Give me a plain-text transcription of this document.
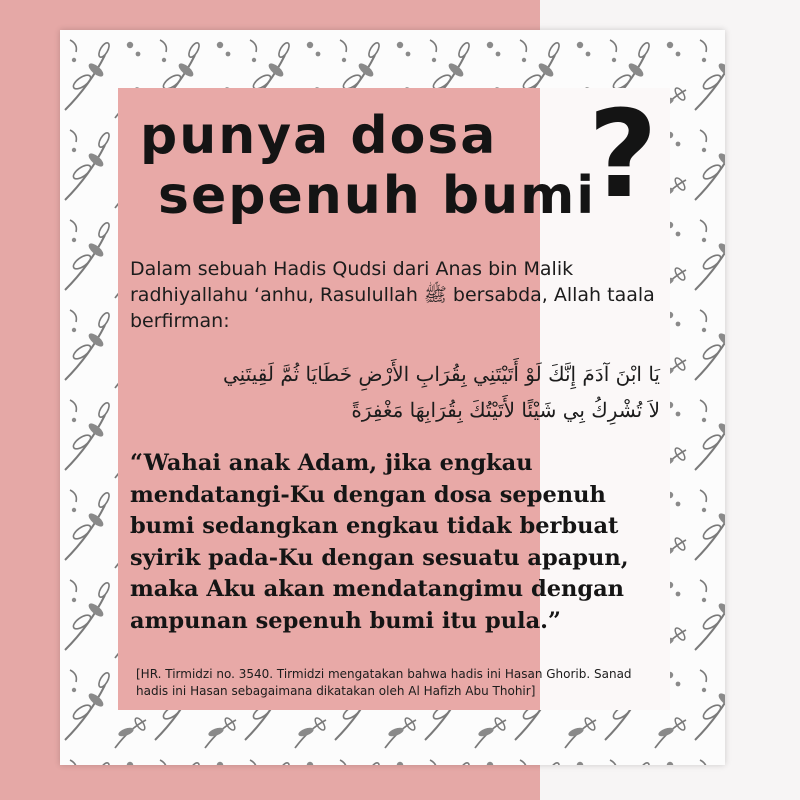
punya dosa
sepenuh bumi
?
Dalam sebuah Hadis Qudsi dari Anas bin Malik radhiyallahu ‘anhu, Rasulullah ﷺ bersabda, Allah taala berfirman:
يَا ابْنَ آدَمَ إِنَّكَ لَوْ أَتَيْتَنِي بِقُرَابِ الأَرْضِ خَطَايَا ثُمَّ لَقِيتَنِي
لاَ تُشْرِكُ بِي شَيْئًا لأَتَيْتُكَ بِقُرَابِهَا مَغْفِرَةً
“Wahai anak Adam, jika engkau mendatangi-Ku dengan dosa sepenuh bumi sedangkan engkau tidak berbuat syirik pada-Ku dengan sesuatu apapun, maka Aku akan mendatangimu dengan ampunan sepenuh bumi itu pula.”
[HR. Tirmidzi no. 3540. Tirmidzi mengatakan bahwa hadis ini Hasan Ghorib. Sanad hadis ini Hasan sebagaimana dikatakan oleh Al Hafizh Abu Thohir]
